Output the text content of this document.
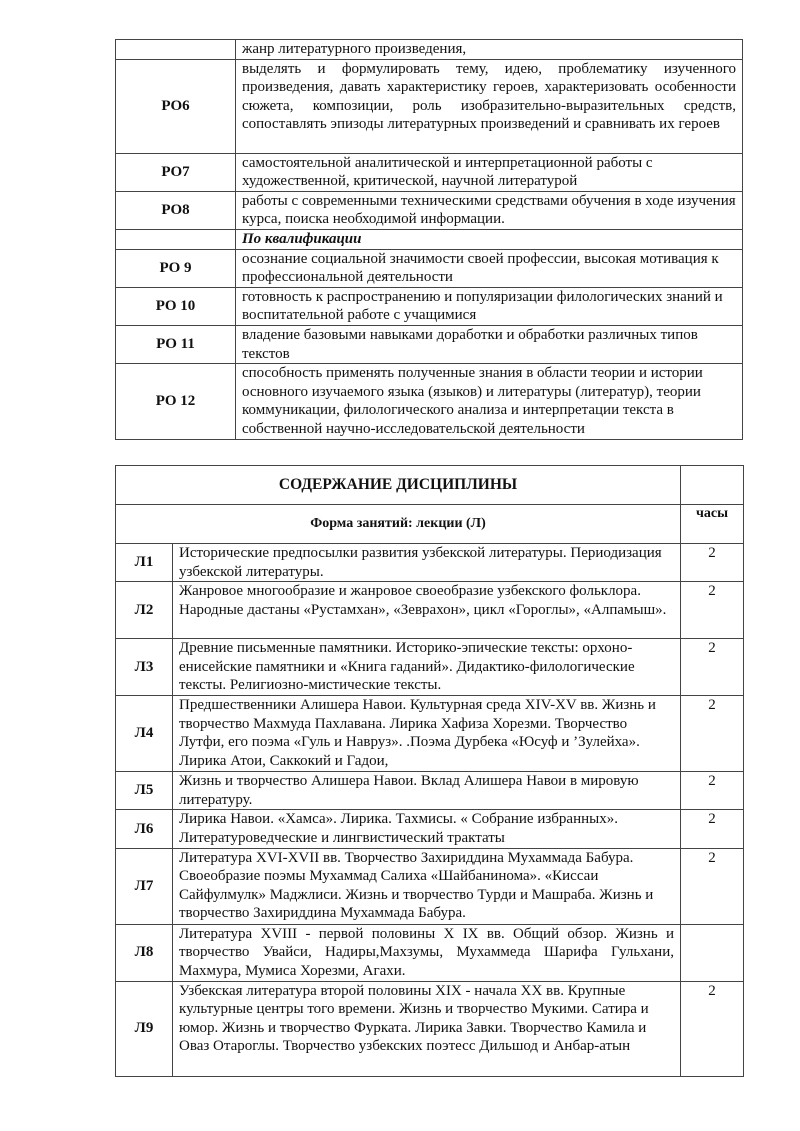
	жанр литературного произведения,
РО6	выделять и формулировать тему, идею, проблематику изученного произведения, давать характеристику героев, характеризовать особенности сюжета, композиции, роль изобразительно-выразительных средств, сопоставлять эпизоды литературных произведений и сравнивать их героев
РО7	самостоятельной аналитической и интерпретационной работы с художественной, критической, научной литературой
РО8	работы с современными техническими средствами обучения в ходе изучения курса, поиска необходимой информации.
	По квалификации
РО 9	осознание социальной значимости своей профессии, высокая мотивация к профессиональной деятельности
РО 10	готовность к распространению и популяризации филологических знаний и воспитательной работе с учащимися
РО 11	владение базовыми навыками доработки и обработки различных типов текстов
РО 12	способность применять полученные знания в области теории и истории основного изучаемого языка (языков) и литературы (литератур), теории коммуникации, филологического анализа и интерпретации текста в собственной научно-исследовательской деятельности
СОДЕРЖАНИЕ ДИСЦИПЛИНЫ		
Форма занятий: лекции (Л)		часы
Л1	Исторические предпосылки развития узбекской литературы. Периодизация узбекской литературы.	2
Л2	Жанровое многообразие и жанровое своеобразие узбекского фольклора. Народные дастаны «Рустамхан», «Зеврахон», цикл «Гороглы», «Алпамыш».	2
Л3	Древние письменные памятники. Историко-эпические тексты: орхоно-енисейские памятники и «Книга гаданий». Дидактико-филологические тексты. Религиозно-мистические тексты.	2
Л4	Предшественники Алишера Навои. Культурная среда XIV-XV вв. Жизнь и творчество Махмуда Пахлавана. Лирика Хафиза Хорезми. Творчество Лутфи, его поэма «Гуль и Навруз». .Поэма Дурбека «Юсуф и ’Зулейха». Лирика Атои, Саккокий и Гадои,	2
Л5	Жизнь и творчество Алишера Навои. Вклад Алишера Навои в мировую литературу.	2
Л6	Лирика Навои. «Хамса». Лирика. Тахмисы. « Собрание избранных». Литературоведческие и лингвистический трактаты	2
Л7	Литература XVI-XVII вв. Творчество Захириддина Мухаммада Бабура. Своеобразие поэмы Мухаммад Салиха «Шайбанинома». «Киссаи Сайфулмулк» Маджлиси. Жизнь и творчество Турди и Машраба. Жизнь и творчество Захириддина Мухаммада Бабура.	2
Л8	Литература XVIII - первой половины X IX вв. Общий обзор. Жизнь и творчество Увайси, Надиры,Махзумы, Мухаммеда Шарифа Гульхани, Махмура, Мумиса Хорезми, Агахи.	
Л9	Узбекская литература второй половины XIX - начала XX вв. Крупные культурные центры того времени. Жизнь и творчество Мукими. Сатира и юмор. Жизнь и творчество Фурката. Лирика Завки. Творчество Камила и Оваз Отароглы. Творчество узбекских поэтесс Дильшод и Анбар-атын	2
